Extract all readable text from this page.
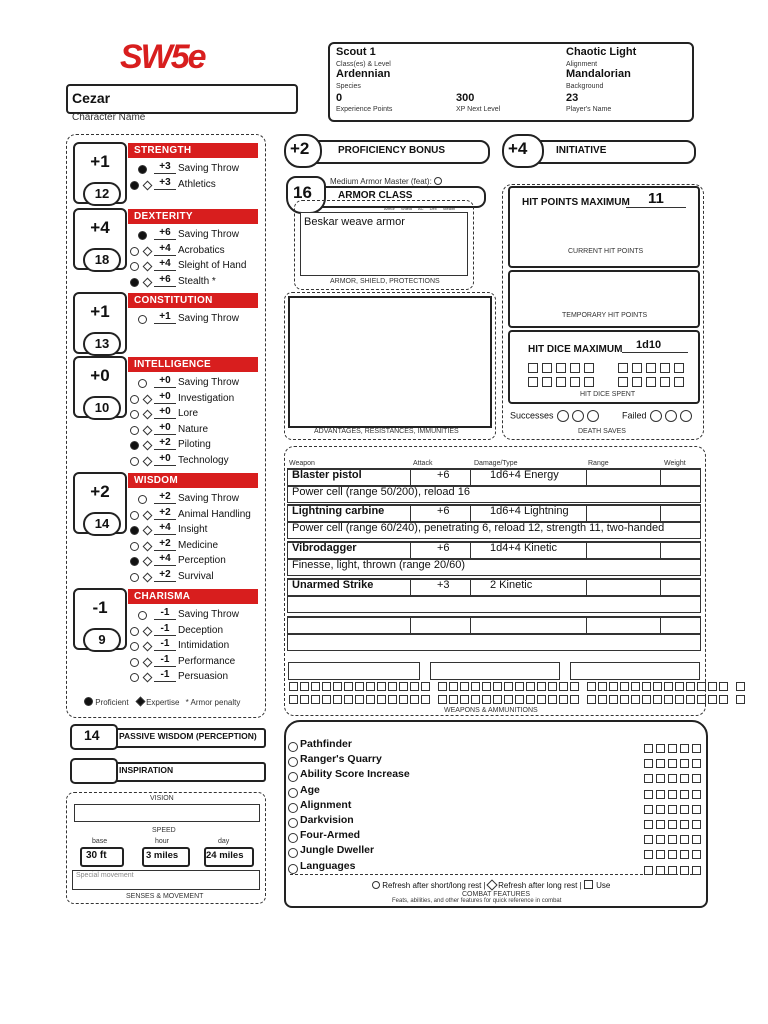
SW5e
Cezar
Character Name
Scout 1
Class(es) & Level
Chaotic Light
Alignment
Ardennian
Species
Mandalorian
Background
0
Experience Points
300
XP Next Level
23
Player's Name
STRENGTH
+1
12
+3 Saving Throw
+3 Athletics
DEXTERITY
+4
18
+6 Saving Throw
+4 Acrobatics
+4 Sleight of Hand
+6 Stealth *
CONSTITUTION
+1
13
+1 Saving Throw
INTELLIGENCE
+0
10
+0 Saving Throw
+0 Investigation
+0 Lore
+0 Nature
+2 Piloting
+0 Technology
WISDOM
+2
14
+2 Saving Throw
+2 Animal Handling
+4 Insight
+2 Medicine
+4 Perception
+2 Survival
CHARISMA
-1
9
-1 Saving Throw
-1 Deception
-1 Intimidation
-1 Performance
-1 Persuasion
Proficient Expertise * Armor penalty
+2	PROFICIENCY BONUS	+4	INITIATIVE
Medium Armor Master (feat):
16	ARMOR CLASS
Armor Shield AC Dex Stealth
Beskar weave armor
ARMOR, SHIELD, PROTECTIONS
ADVANTAGES, RESISTANCES, IMMUNITIES
HIT POINTS MAXIMUM 11
CURRENT HIT POINTS
TEMPORARY HIT POINTS
HIT DICE MAXIMUM 1d10

HIT DICE SPENT
Successes	Failed
DEATH SAVES
Weapon	Attack	Damage/Type	Range	Weight
Blaster pistol	+6	1d6+4 Energy
Power cell (range 50/200), reload 16
Lightning carbine	+6	1d6+4 Lightning
Power cell (range 60/240), penetrating 6, reload 12, strength 11, two-handed
Vibrodagger	+6	1d4+4 Kinetic
Finesse, light, thrown (range 20/60)
Unarmed Strike	+3	2 Kinetic

WEAPONS & AMMUNITIONS
14 PASSIVE WISDOM (PERCEPTION)
INSPIRATION
VISION
SPEED
base	hour	day
30 ft	3 miles	24 miles
Special movement
SENSES & MOVEMENT
Pathfinder
Ranger's Quarry
Ability Score Increase
Age
Alignment
Darkvision
Four-Armed
Jungle Dweller
Languages
Refresh after short/long rest |  Refresh after long rest |  Use
COMBAT FEATURES
Feats, abilities, and other features for quick reference in combat
